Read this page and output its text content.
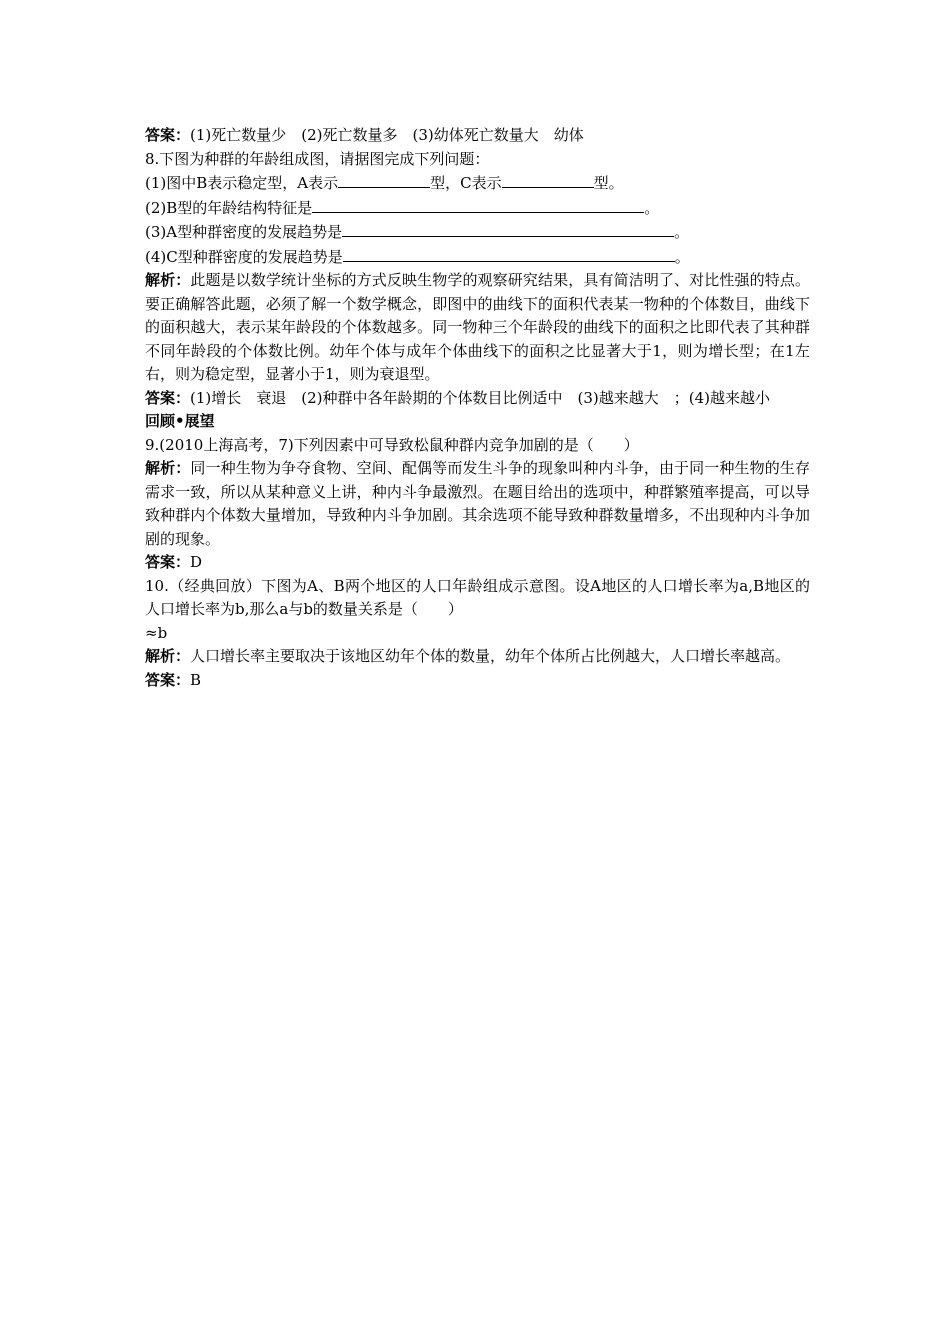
答案：(1)死亡数量少　(2)死亡数量多　(3)幼体死亡数量大　幼体
8.下图为种群的年龄组成图，请据图完成下列问题：
(1)图中B表示稳定型，A表示	型，C表示	型。
(2)B型的年龄结构特征是	。
(3)A型种群密度的发展趋势是	。
(4)C型种群密度的发展趋势是	。
解析：此题是以数学统计坐标的方式反映生物学的观察研究结果，具有简洁明了、对比性强的特点。要正确解答此题，必须了解一个数学概念，即图中的曲线下的面积代表某一物种的个体数目，曲线下的面积越大，表示某年龄段的个体数越多。同一物种三个年龄段的曲线下的面积之比即代表了其种群不同年龄段的个体数比例。幼年个体与成年个体曲线下的面积之比显著大于1，则为增长型；在1左右，则为稳定型，显著小于1，则为衰退型。
答案：(1)增长　衰退　(2)种群中各年龄期的个体数目比例适中　(3)越来越大　；(4)越来越小
回顾•展望
9.(2010上海高考，7)下列因素中可导致松鼠种群内竞争加剧的是（　　）
解析：同一种生物为争夺食物、空间、配偶等而发生斗争的现象叫种内斗争，由于同一种生物的生存需求一致，所以从某种意义上讲，种内斗争最激烈。在题目给出的选项中，种群繁殖率提高，可以导致种群内个体数大量增加，导致种内斗争加剧。其余选项不能导致种群数量增多，不出现种内斗争加剧的现象。
答案：D
10.（经典回放）下图为A、B两个地区的人口年龄组成示意图。设A地区的人口增长率为a,B地区的人口增长率为b,那么a与b的数量关系是（　　）
≈b
解析：人口增长率主要取决于该地区幼年个体的数量，幼年个体所占比例越大，人口增长率越高。
答案：B
